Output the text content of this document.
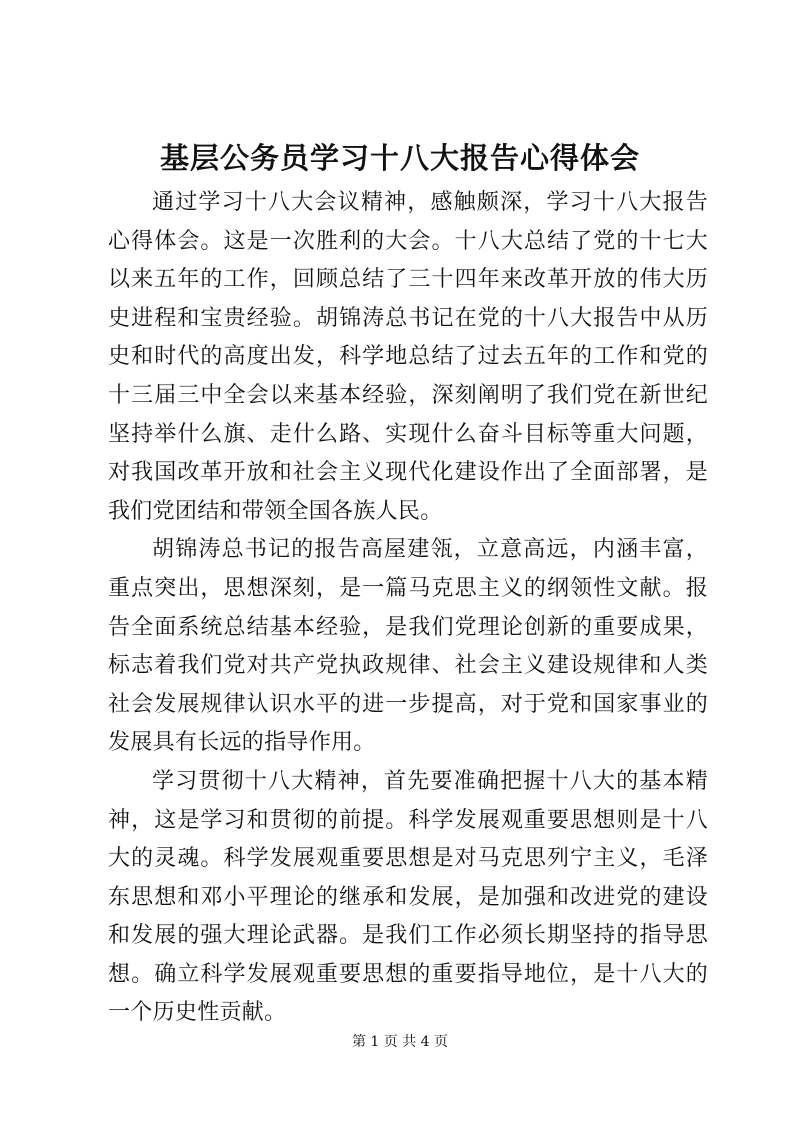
基层公务员学习十八大报告心得体会

通过学习十八大会议精神，感触颇深，学习十八大报告心得体会。这是一次胜利的大会。十八大总结了党的十七大以来五年的工作，回顾总结了三十四年来改革开放的伟大历史进程和宝贵经验。胡锦涛总书记在党的十八大报告中从历史和时代的高度出发，科学地总结了过去五年的工作和党的十三届三中全会以来基本经验，深刻阐明了我们党在新世纪坚持举什么旗、走什么路、实现什么奋斗目标等重大问题，对我国改革开放和社会主义现代化建设作出了全面部署，是我们党团结和带领全国各族人民。

胡锦涛总书记的报告高屋建瓴，立意高远，内涵丰富，重点突出，思想深刻，是一篇马克思主义的纲领性文献。报告全面系统总结基本经验，是我们党理论创新的重要成果，标志着我们党对共产党执政规律、社会主义建设规律和人类社会发展规律认识水平的进一步提高，对于党和国家事业的发展具有长远的指导作用。

学习贯彻十八大精神，首先要准确把握十八大的基本精神，这是学习和贯彻的前提。科学发展观重要思想则是十八大的灵魂。科学发展观重要思想是对马克思列宁主义，毛泽东思想和邓小平理论的继承和发展，是加强和改进党的建设和发展的强大理论武器。是我们工作必须长期坚持的指导思想。确立科学发展观重要思想的重要指导地位，是十八大的一个历史性贡献。

第 1 页 共 4 页
